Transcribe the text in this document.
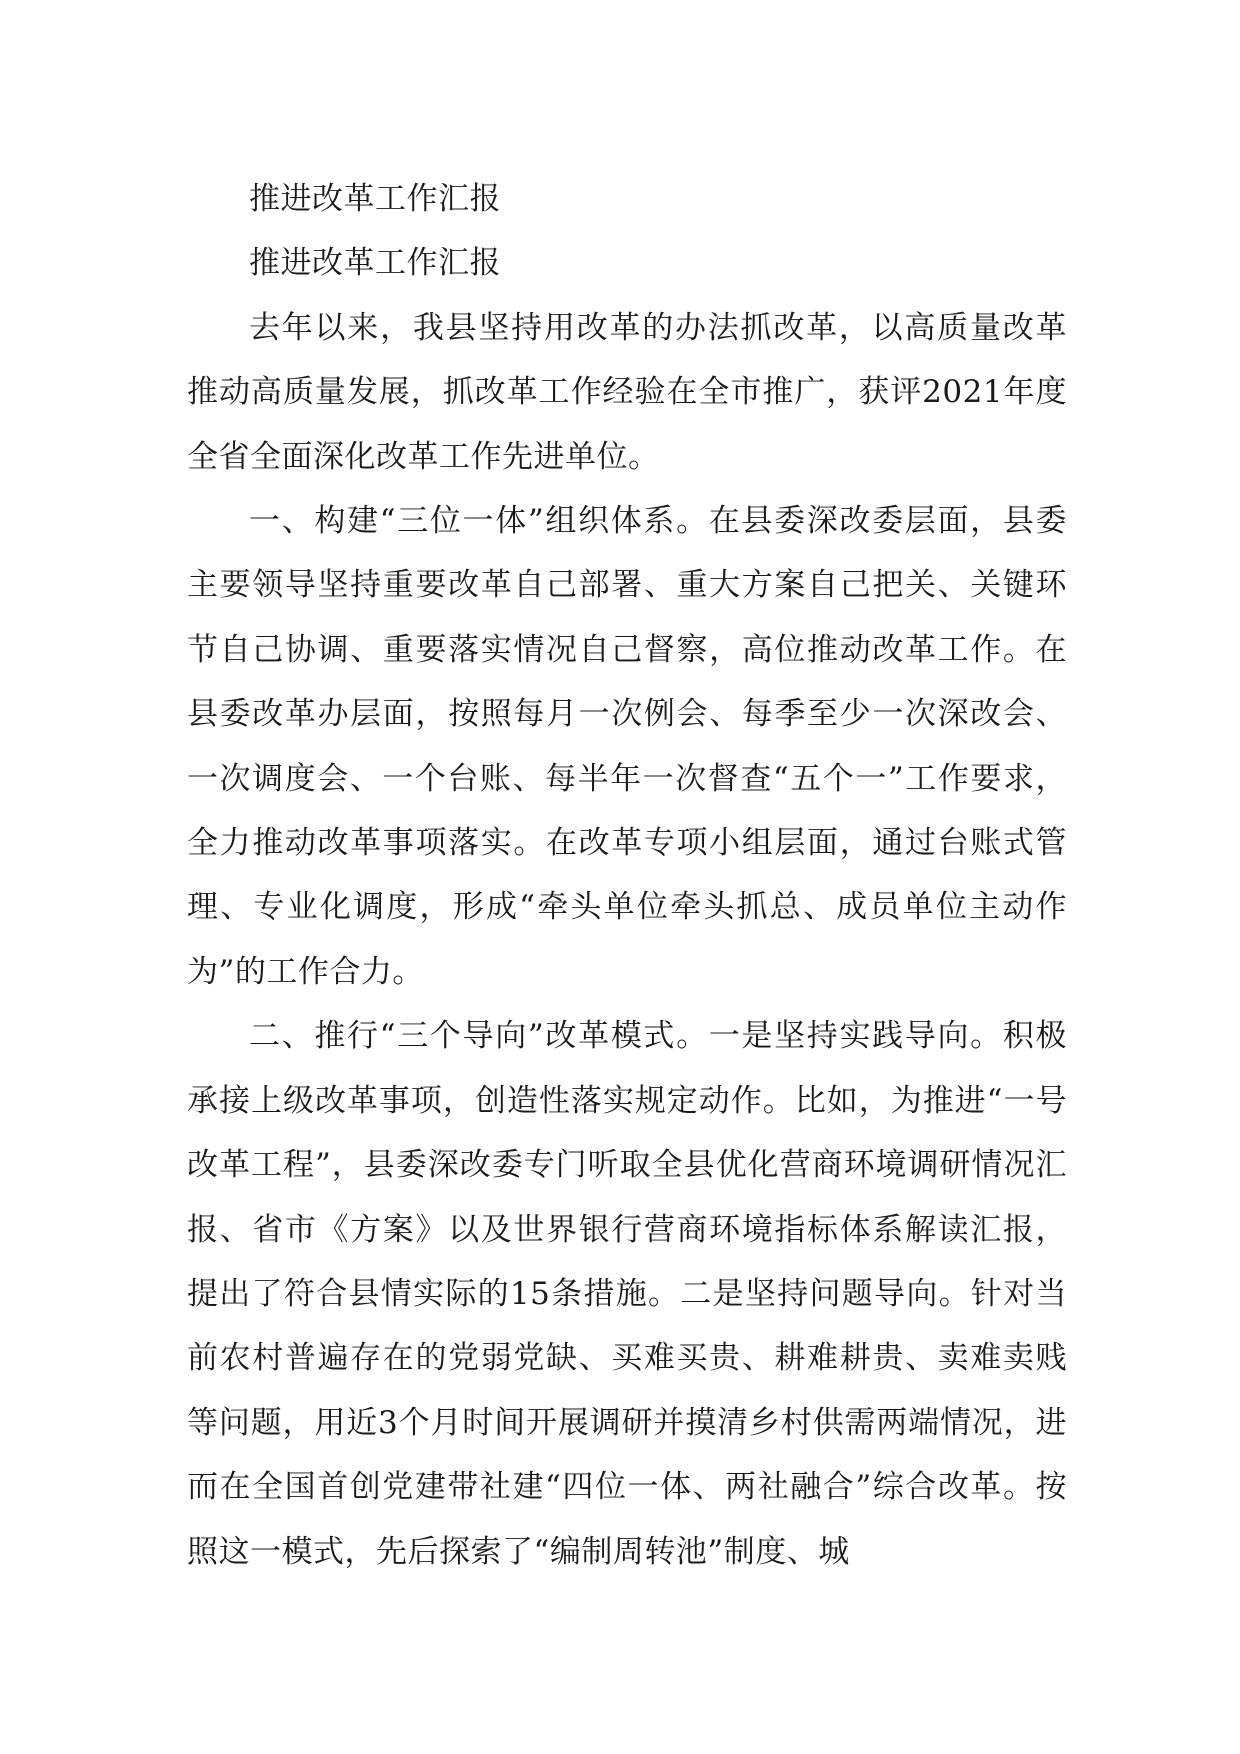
推进改革工作汇报

推进改革工作汇报

去年以来，我县坚持用改革的办法抓改革，以高质量改革推动高质量发展，抓改革工作经验在全市推广，获评2021年度全省全面深化改革工作先进单位。

一、构建“三位一体”组织体系。在县委深改委层面，县委主要领导坚持重要改革自己部署、重大方案自己把关、关键环节自己协调、重要落实情况自己督察，高位推动改革工作。在县委改革办层面，按照每月一次例会、每季至少一次深改会、一次调度会、一个台账、每半年一次督查“五个一”工作要求，全力推动改革事项落实。在改革专项小组层面，通过台账式管理、专业化调度，形成“牵头单位牵头抓总、成员单位主动作为”的工作合力。

二、推行“三个导向”改革模式。一是坚持实践导向。积极承接上级改革事项，创造性落实规定动作。比如，为推进“一号改革工程”，县委深改委专门听取全县优化营商环境调研情况汇报、省市《方案》以及世界银行营商环境指标体系解读汇报，提出了符合县情实际的15条措施。二是坚持问题导向。针对当前农村普遍存在的党弱党缺、买难买贵、耕难耕贵、卖难卖贱等问题，用近3个月时间开展调研并摸清乡村供需两端情况，进而在全国首创党建带社建“四位一体、两社融合”综合改革。按照这一模式，先后探索了“编制周转池”制度、城
